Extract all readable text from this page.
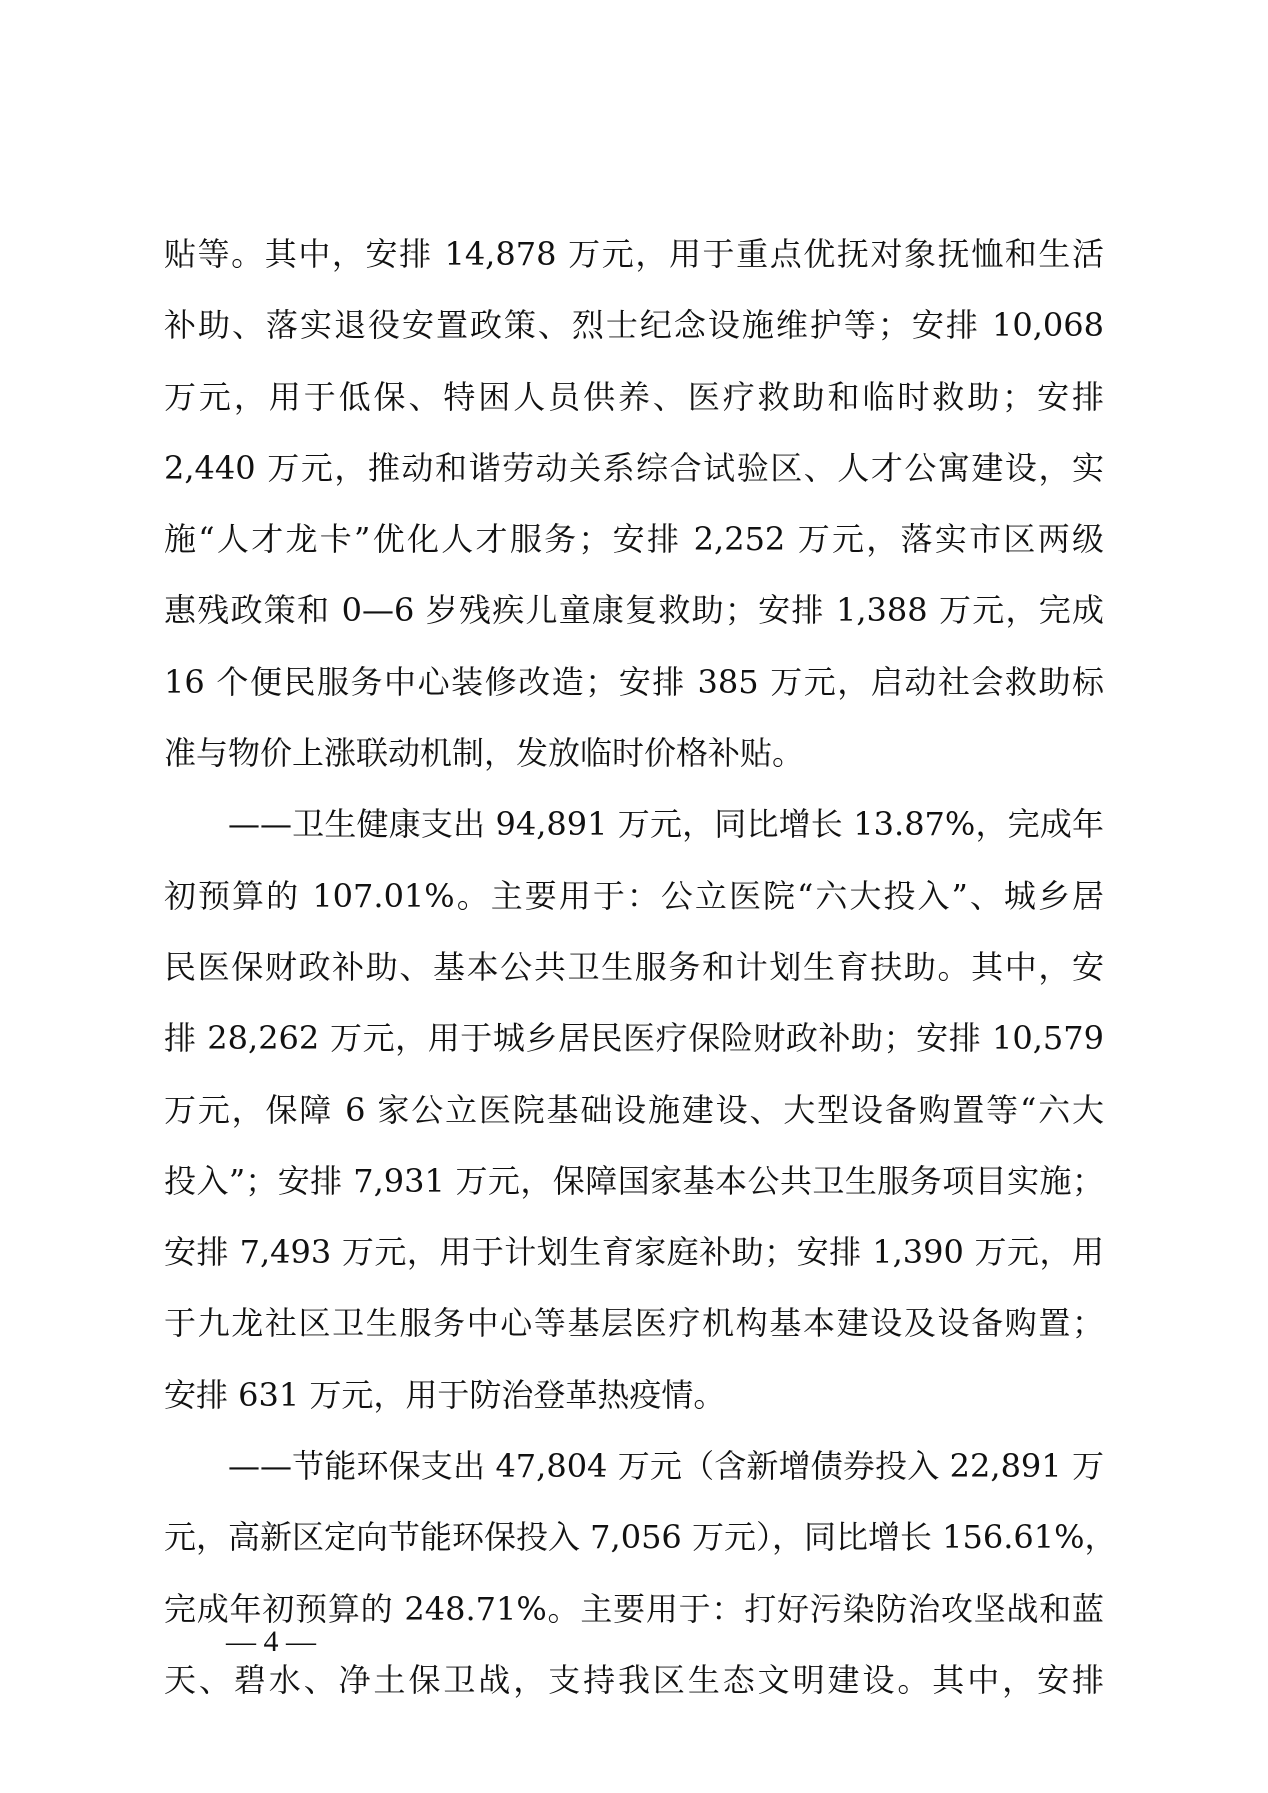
贴等。其中，安排 14,878 万元，用于重点优抚对象抚恤和生活
补助、落实退役安置政策、烈士纪念设施维护等；安排 10,068
万元，用于低保、特困人员供养、医疗救助和临时救助；安排
2,440 万元，推动和谐劳动关系综合试验区、人才公寓建设，实
施“人才龙卡”优化人才服务；安排 2,252 万元，落实市区两级
惠残政策和 0—6 岁残疾儿童康复救助；安排 1,388 万元，完成
16 个便民服务中心装修改造；安排 385 万元，启动社会救助标
准与物价上涨联动机制，发放临时价格补贴。
——卫生健康支出 94,891 万元，同比增长 13.87%，完成年
初预算的 107.01%。主要用于：公立医院“六大投入”、城乡居
民医保财政补助、基本公共卫生服务和计划生育扶助。其中，安
排 28,262 万元，用于城乡居民医疗保险财政补助；安排 10,579
万元，保障 6 家公立医院基础设施建设、大型设备购置等“六大
投入”；安排 7,931 万元，保障国家基本公共卫生服务项目实施；
安排 7,493 万元，用于计划生育家庭补助；安排 1,390 万元，用
于九龙社区卫生服务中心等基层医疗机构基本建设及设备购置；
安排 631 万元，用于防治登革热疫情。
——节能环保支出 47,804 万元（含新增债券投入 22,891 万
元，高新区定向节能环保投入 7,056 万元），同比增长 156.61%，
完成年初预算的 248.71%。主要用于：打好污染防治攻坚战和蓝
天、碧水、净土保卫战，支持我区生态文明建设。其中，安排
— 4 —
